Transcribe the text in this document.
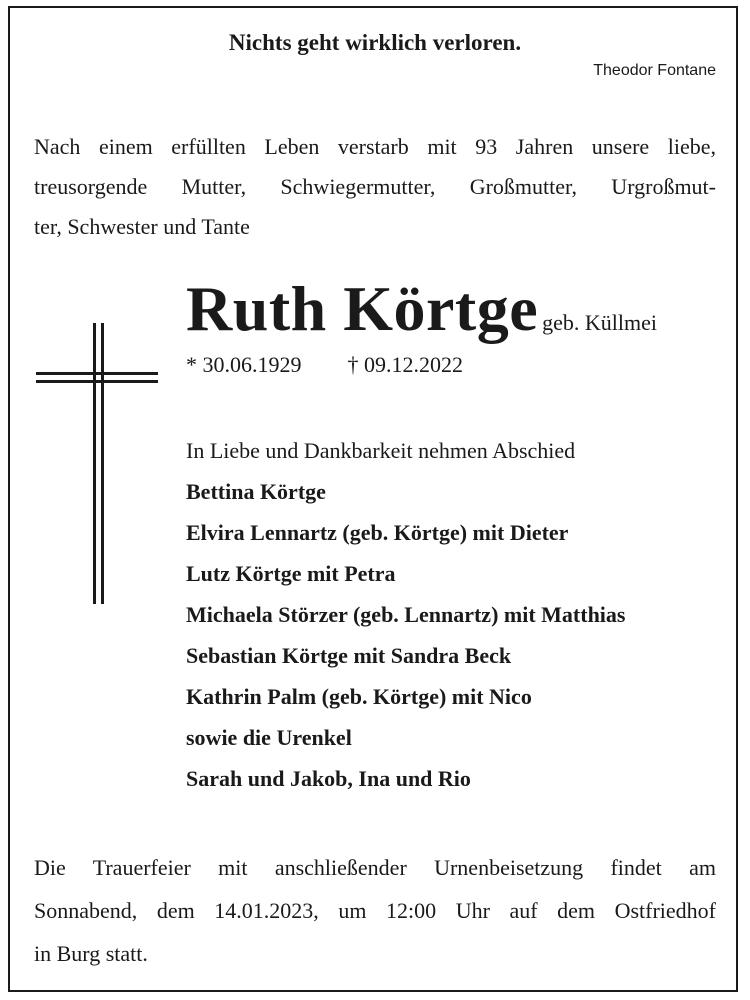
Nichts geht wirklich verloren.
Theodor Fontane
Nach einem erfüllten Leben verstarb mit 93 Jahren unsere liebe,
treusorgende Mutter, Schwiegermutter, Großmutter, Urgroßmut-
ter, Schwester und Tante
Ruth Körtge geb. Küllmei
* 30.06.1929 † 09.12.2022
In Liebe und Dankbarkeit nehmen Abschied
Bettina Körtge
Elvira Lennartz (geb. Körtge) mit Dieter
Lutz Körtge mit Petra
Michaela Störzer (geb. Lennartz) mit Matthias
Sebastian Körtge mit Sandra Beck
Kathrin Palm (geb. Körtge) mit Nico
sowie die Urenkel
Sarah und Jakob, Ina und Rio
Die Trauerfeier mit anschließender Urnenbeisetzung findet am
Sonnabend, dem 14.01.2023, um 12:00 Uhr auf dem Ostfriedhof
in Burg statt.
